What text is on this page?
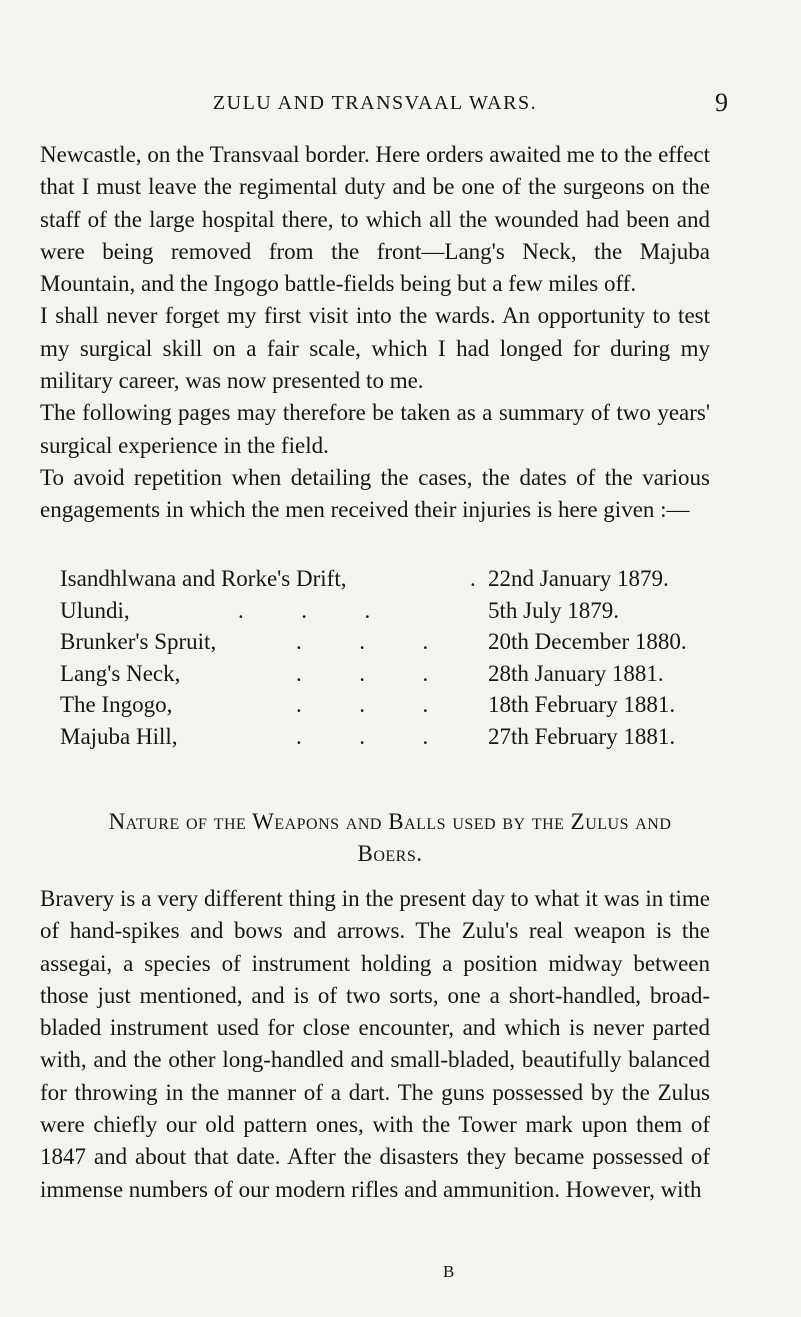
ZULU AND TRANSVAAL WARS.	9

Newcastle, on the Transvaal border. Here orders awaited me to the effect that I must leave the regimental duty and be one of the surgeons on the staff of the large hospital there, to which all the wounded had been and were being removed from the front—Lang's Neck, the Majuba Mountain, and the Ingogo battle-fields being but a few miles off.

I shall never forget my first visit into the wards. An opportunity to test my surgical skill on a fair scale, which I had longed for during my military career, was now presented to me.

The following pages may therefore be taken as a summary of two years' surgical experience in the field.

To avoid repetition when detailing the cases, the dates of the various engagements in which the men received their injuries is here given :—

Isandhlwana and Rorke's Drift,	. 22nd January 1879.
Ulundi,	.          .          .	5th July 1879.
Brunker's Spruit,	.          .          .	20th December 1880.
Lang's Neck,	.          .          .	28th January 1881.
The Ingogo,	.          .          .	18th February 1881.
Majuba Hill,	.          .          .	27th February 1881.
Nature of the Weapons and Balls used by the Zulus and
Boers.

Bravery is a very different thing in the present day to what it was in time of hand-spikes and bows and arrows. The Zulu's real weapon is the assegai, a species of instrument holding a position midway between those just mentioned, and is of two sorts, one a short-handled, broad-bladed instrument used for close encounter, and which is never parted with, and the other long-handled and small-bladed, beautifully balanced for throwing in the manner of a dart. The guns possessed by the Zulus were chiefly our old pattern ones, with the Tower mark upon them of 1847 and about that date. After the disasters they became possessed of immense numbers of our modern rifles and ammunition. However, with

B
